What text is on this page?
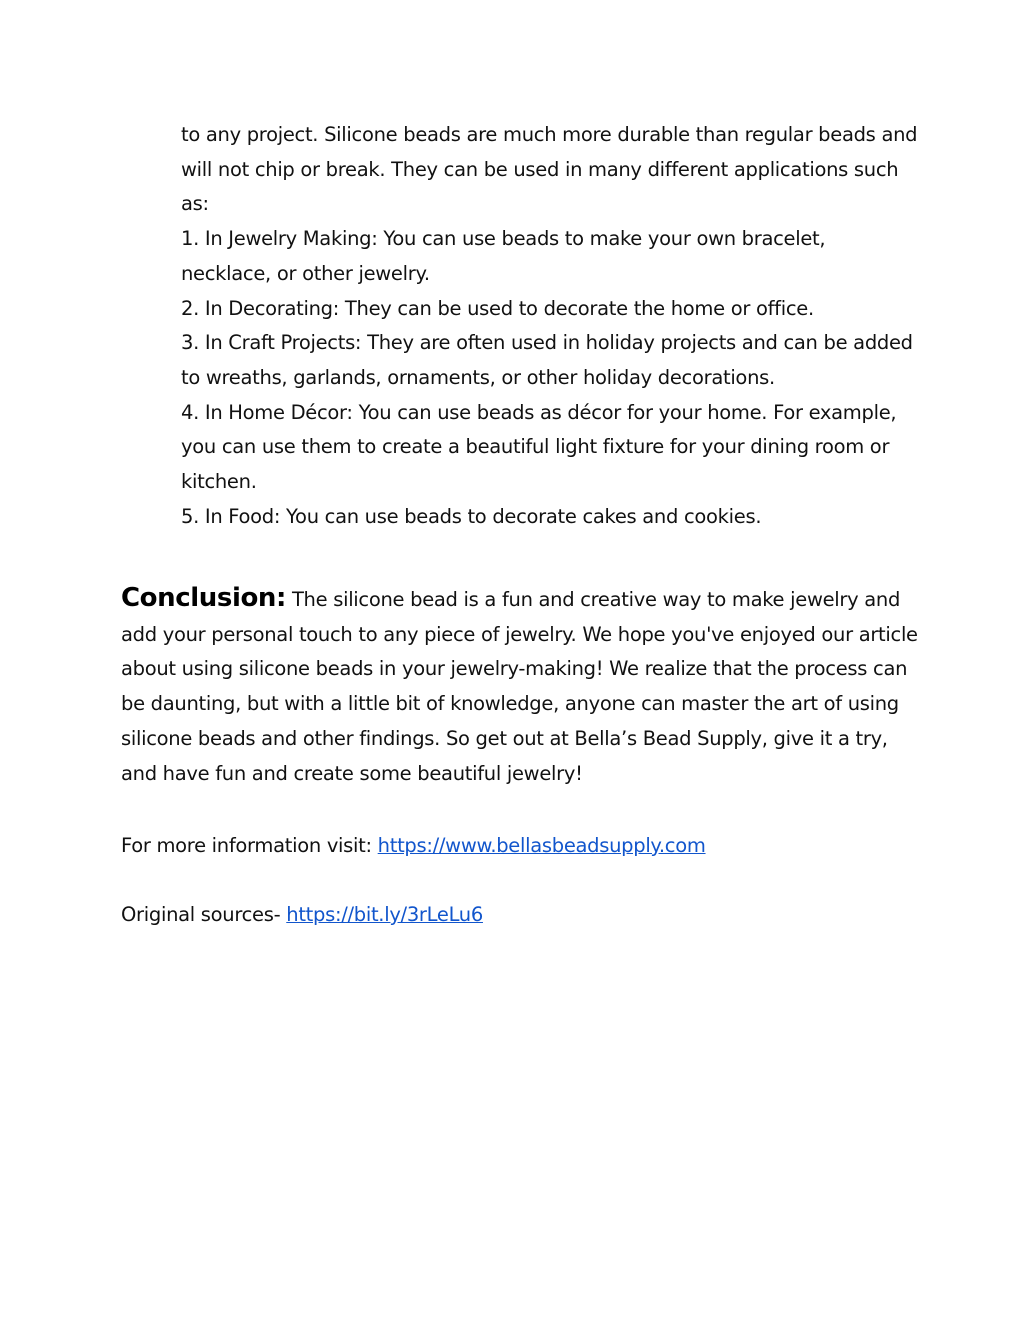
to any project. Silicone beads are much more durable than regular beads and will not chip or break. They can be used in many different applications such as:

1. In Jewelry Making: You can use beads to make your own bracelet, necklace, or other jewelry.

2. In Decorating: They can be used to decorate the home or office.

3. In Craft Projects: They are often used in holiday projects and can be added to wreaths, garlands, ornaments, or other holiday decorations.

4. In Home Décor: You can use beads as décor for your home. For example, you can use them to create a beautiful light fixture for your dining room or kitchen.

5. In Food: You can use beads to decorate cakes and cookies.

Conclusion: The silicone bead is a fun and creative way to make jewelry and add your personal touch to any piece of jewelry. We hope you've enjoyed our article about using silicone beads in your jewelry-making! We realize that the process can be daunting, but with a little bit of knowledge, anyone can master the art of using silicone beads and other findings. So get out at Bella’s Bead Supply, give it a try, and have fun and create some beautiful jewelry!

For more information visit: https://www.bellasbeadsupply.com

Original sources- https://bit.ly/3rLeLu6
